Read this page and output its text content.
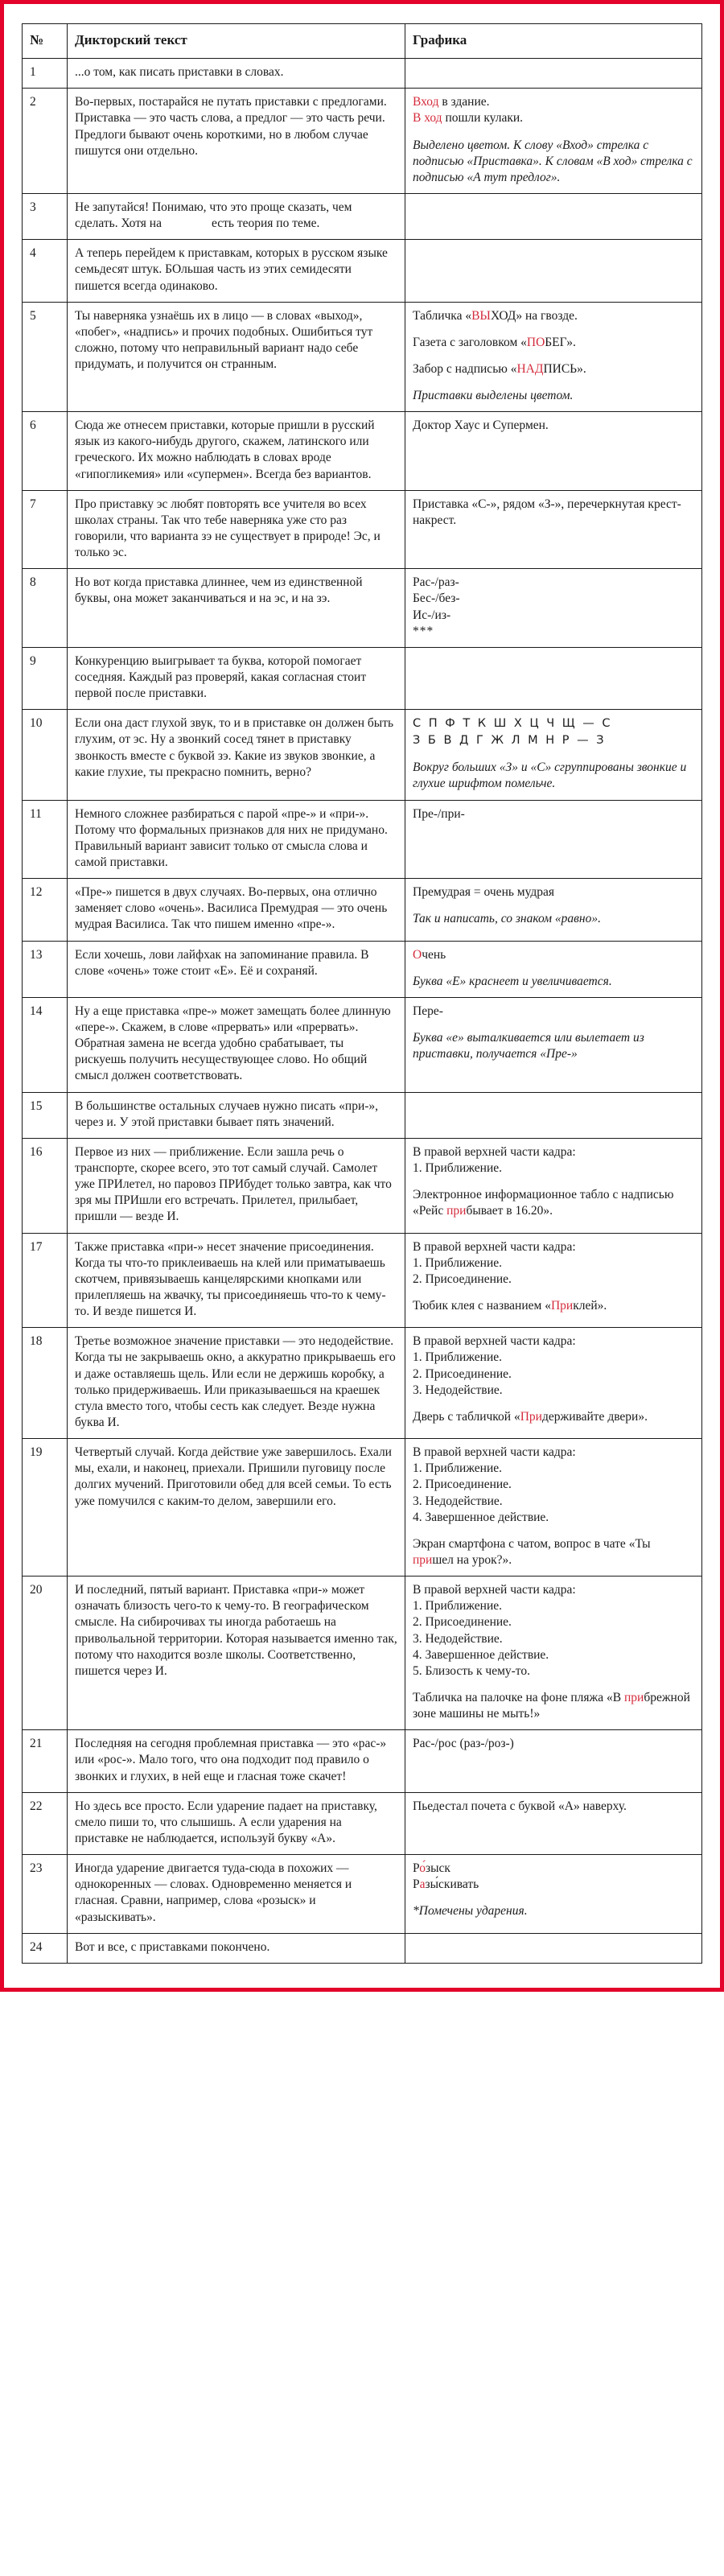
№	Дикторский текст	Графика
1	...о том, как писать приставки в словах.	
2	Во-первых, постарайся не путать приставки с предлогами. Приставка — это часть слова, а предлог — это часть речи. Предлоги бывают очень короткими, но в любом случае пишутся они отдельно.	Вход в здание.
В ход пошли кулаки.
Выделено цветом. К слову «Вход» стрелка с подписью «Приставка». К словам «В ход» стрелка с подписью «А тут предлог».

3	Не запутайся! Понимаю, что это проще сказать, чем сделать. Хотя на есть теория по теме.	
4	А теперь перейдем к приставкам, которых в русском языке семьдесят штук. БОльшая часть из этих семидесяти пишется всегда одинаково.	
5	Ты наверняка узнаёшь их в лицо — в словах «выход», «побег», «надпись» и прочих подобных. Ошибиться тут сложно, потому что неправильный вариант надо себе придумать, и получится он странным.	Табличка «ВЫХОД» на гвозде.
Газета с заголовком «ПОБЕГ».
Забор с надписью «НАДПИСЬ».
Приставки выделены цветом.

6	Сюда же отнесем приставки, которые пришли в русский язык из какого-нибудь другого, скажем, латинского или греческого. Их можно наблюдать в словах вроде «гипогликемия» или «супермен». Всегда без вариантов.	Доктор Хаус и Супермен.

7	Про приставку эс любят повторять все учителя во всех школах страны. Так что тебе наверняка уже сто раз говорили, что варианта зэ не существует в природе! Эс, и только эс.	Приставка «С-», рядом «З-», перечеркнутая крест-накрест.

8	Но вот когда приставка длиннее, чем из единственной буквы, она может заканчиваться и на эс, и на зэ.	Рас-/раз-
Бес-/без-
Ис-/из-
***

9	Конкуренцию выигрывает та буква, которой помогает соседняя. Каждый раз проверяй, какая согласная стоит первой после приставки.	
10	Если она даст глухой звук, то и в приставке он должен быть глухим, от эс. Ну а звонкий сосед тянет в приставку звонкость вместе с буквой зэ. Какие из звуков звонкие, а какие глухие, ты прекрасно помнить, верно?	
С П Ф Т К Ш Х Ц Ч Щ — С
З Б В Д Г Ж Л М Н Р — З
Вокруг больших «З» и «С» сгруппированы звонкие и глухие шрифтом помельче.

11	Немного сложнее разбираться с парой «пре-» и «при-». Потому что формальных признаков для них не придумано. Правильный вариант зависит только от смысла слова и самой приставки.	Пре-/при-

12	«Пре-» пишется в двух случаях. Во-первых, она отлично заменяет слово «очень». Василиса Премудрая — это очень мудрая Василиса. Так что пишем именно «пре-».	Премудрая = очень мудрая
Так и написать, со знаком «равно».

13	Если хочешь, лови лайфхак на запоминание правила. В слове «очень» тоже стоит «Е». Её и сохраняй.	Очень
Буква «Е» краснеет и увеличивается.

14	Ну а еще приставка «пре-» может замещать более длинную «пере-». Скажем, в слове «прервать» или «прервать». Обратная замена не всегда удобно срабатывает, ты рискуешь получить несуществующее слово. Но общий смысл должен соответствовать.	Пере-
Буква «е» выталкивается или вылетает из приставки, получается «Пре-»

15	В большинстве остальных случаев нужно писать «при-», через и. У этой приставки бывает пять значений.	
16	Первое из них — приближение. Если зашла речь о транспорте, скорее всего, это тот самый случай. Самолет уже ПРИлетел, но паровоз ПРИбудет только завтра, как что зря мы ПРИшли его встречать. Прилетел, прилыбает, пришли — везде И.	
В правой верхней части кадра:
1. Приближение.
Электронное информационное табло с надписью «Рейс прибывает в 16.20».

17	Также приставка «при-» несет значение присоединения. Когда ты что-то приклеиваешь на клей или приматываешь скотчем, привязываешь канцелярскими кнопками или прилепляешь на жвачку, ты присоединяешь что-то к чему-то. И везде пишется И.	
В правой верхней части кадра:
1. Приближение.
2. Присоединение.
Тюбик клея с названием «Приклей».

18	Третье возможное значение приставки — это недодействие. Когда ты не закрываешь окно, а аккуратно прикрываешь его и даже оставляешь щель. Или если не держишь коробку, а только придерживаешь. Или приказываешься на краешек стула вместо того, чтобы сесть как следует. Везде нужна буква И.	
В правой верхней части кадра:
1. Приближение.
2. Присоединение.
3. Недодействие.
Дверь с табличкой «Придерживайте двери».

19	Четвертый случай. Когда действие уже завершилось. Ехали мы, ехали, и наконец, приехали. Пришили пуговицу после долгих мучений. Приготовили обед для всей семьи. То есть уже помучился с каким-то делом, завершили его.	
В правой верхней части кадра:
1. Приближение.
2. Присоединение.
3. Недодействие.
4. Завершенное действие.
Экран смартфона с чатом, вопрос в чате «Ты пришел на урок?».

20	И последний, пятый вариант. Приставка «при-» может означать близость чего-то к чему-то. В географическом смысле. На сибирочивах ты иногда работаешь на привольальной территории. Которая называется именно так, потому что находится возле школы. Соответственно, пишется через И.	
В правой верхней части кадра:
1. Приближение.
2. Присоединение.
3. Недодействие.
4. Завершенное действие.
5. Близость к чему-то.
Табличка на палочке на фоне пляжа «В прибрежной зоне машины не мыть!»

21	Последняя на сегодня проблемная приставка — это «рас-» или «рос-». Мало того, что она подходит под правило о звонких и глухих, в ней еще и гласная тоже скачет!	Рас-/рос (раз-/роз-)

22	Но здесь все просто. Если ударение падает на приставку, смело пиши то, что слышишь. А если ударения на приставке не наблюдается, используй букву «А».	Пьедестал почета с буквой «А» наверху.

23	Иногда ударение двигается туда-сюда в похожих — однокоренных — словах. Одновременно меняется и гласная. Сравни, например, слова «розыск» и «разыскивать».	Ро́зыск
Разы́скивать
*Помечены ударения.

24	Вот и все, с приставками покончено.	
